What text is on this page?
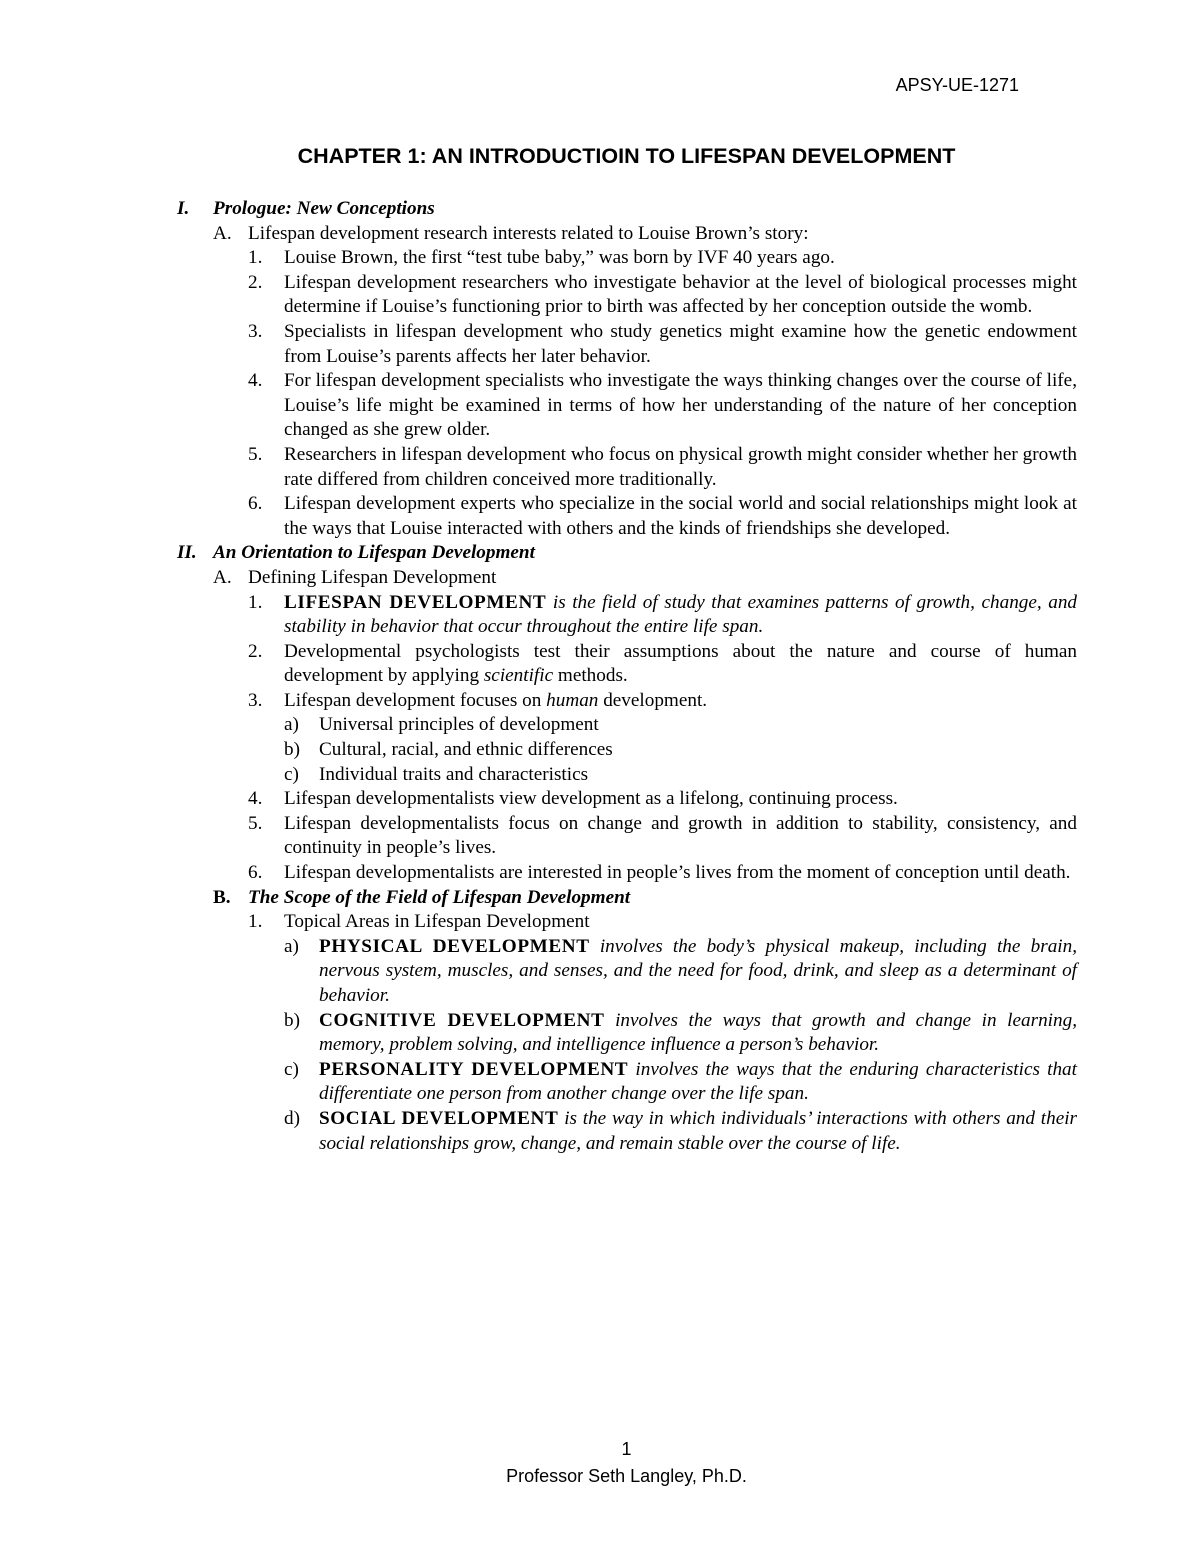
APSY-UE-1271
CHAPTER 1: AN INTRODUCTIOIN TO LIFESPAN DEVELOPMENT
I. Prologue: New Conceptions
A. Lifespan development research interests related to Louise Brown’s story:
1. Louise Brown, the first “test tube baby,” was born by IVF 40 years ago.
2. Lifespan development researchers who investigate behavior at the level of biological processes might determine if Louise’s functioning prior to birth was affected by her conception outside the womb.
3. Specialists in lifespan development who study genetics might examine how the genetic endowment from Louise’s parents affects her later behavior.
4. For lifespan development specialists who investigate the ways thinking changes over the course of life, Louise’s life might be examined in terms of how her understanding of the nature of her conception changed as she grew older.
5. Researchers in lifespan development who focus on physical growth might consider whether her growth rate differed from children conceived more traditionally.
6. Lifespan development experts who specialize in the social world and social relationships might look at the ways that Louise interacted with others and the kinds of friendships she developed.
II. An Orientation to Lifespan Development
A. Defining Lifespan Development
1. LIFESPAN DEVELOPMENT is the field of study that examines patterns of growth, change, and stability in behavior that occur throughout the entire life span.
2. Developmental psychologists test their assumptions about the nature and course of human development by applying scientific methods.
3. Lifespan development focuses on human development.
a) Universal principles of development
b) Cultural, racial, and ethnic differences
c) Individual traits and characteristics
4. Lifespan developmentalists view development as a lifelong, continuing process.
5. Lifespan developmentalists focus on change and growth in addition to stability, consistency, and continuity in people’s lives.
6. Lifespan developmentalists are interested in people’s lives from the moment of conception until death.
B. The Scope of the Field of Lifespan Development
1. Topical Areas in Lifespan Development
a) PHYSICAL DEVELOPMENT involves the body’s physical makeup, including the brain, nervous system, muscles, and senses, and the need for food, drink, and sleep as a determinant of behavior.
b) COGNITIVE DEVELOPMENT involves the ways that growth and change in learning, memory, problem solving, and intelligence influence a person’s behavior.
c) PERSONALITY DEVELOPMENT involves the ways that the enduring characteristics that differentiate one person from another change over the life span.
d) SOCIAL DEVELOPMENT is the way in which individuals’ interactions with others and their social relationships grow, change, and remain stable over the course of life.
1
Professor Seth Langley, Ph.D.
